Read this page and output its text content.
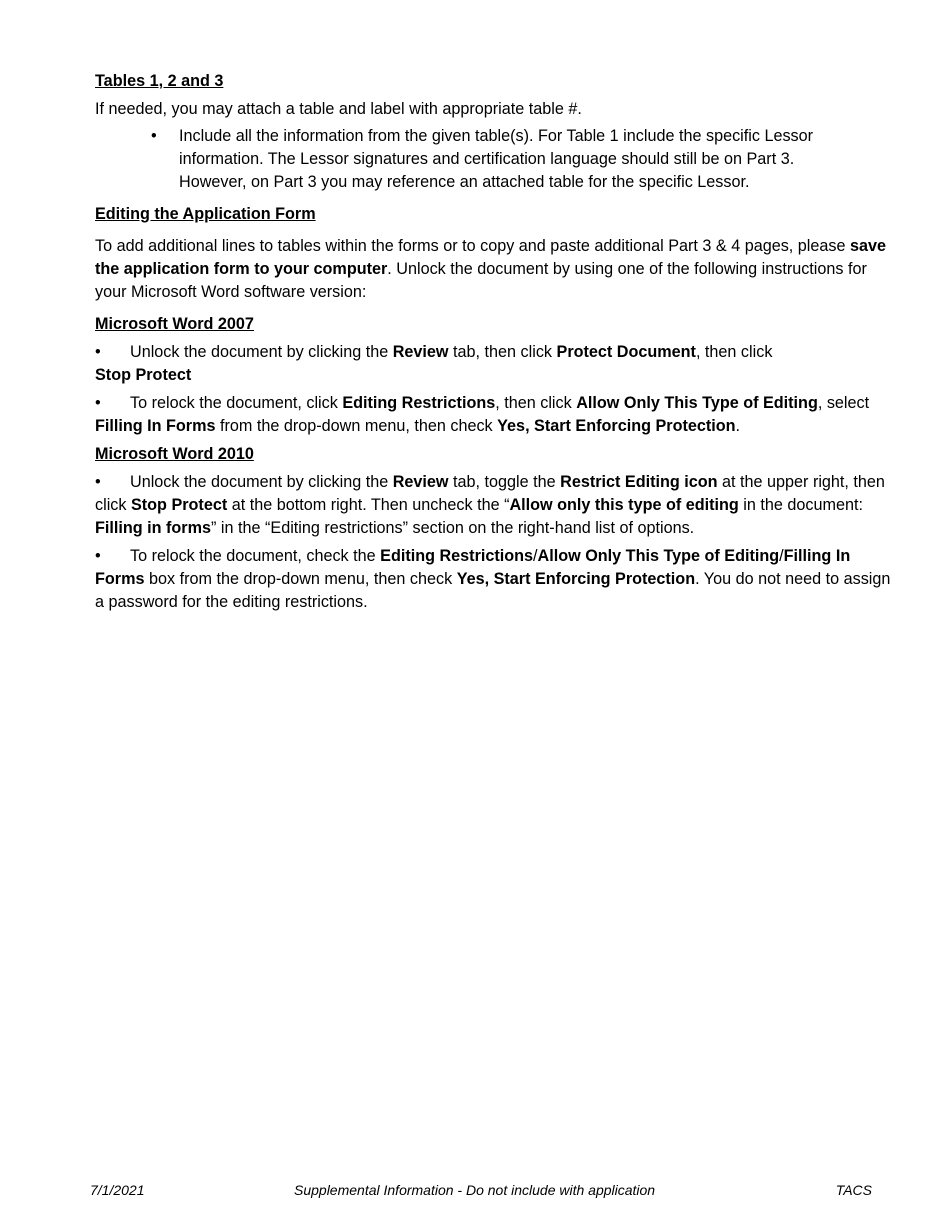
Tables 1, 2 and 3

If needed, you may attach a table and label with appropriate table #.

• Include all the information from the given table(s). For Table 1 include the specific Lessor
information. The Lessor signatures and certification language should still be on Part 3.
However, on Part 3 you may reference an attached table for the specific Lessor.

Editing the Application Form

To add additional lines to tables within the forms or to copy and paste additional Part 3 & 4 pages, please save the application form to your computer. Unlock the document by using one of the following instructions for your Microsoft Word software version:

Microsoft Word 2007

• Unlock the document by clicking the Review tab, then click Protect Document, then click
Stop Protect

• To relock the document, click Editing Restrictions, then click Allow Only This Type of Editing, select Filling In Forms from the drop-down menu, then check Yes, Start Enforcing Protection.

Microsoft Word 2010

• Unlock the document by clicking the Review tab, toggle the Restrict Editing icon at the upper right, then click Stop Protect at the bottom right. Then uncheck the “Allow only this type of editing in the document: Filling in forms” in the “Editing restrictions” section on the right-hand list of options.

• To relock the document, check the Editing Restrictions/Allow Only This Type of Editing/Filling In Forms box from the drop-down menu, then check Yes, Start Enforcing Protection. You do not need to assign a password for the editing restrictions.

7/1/2021	Supplemental Information - Do not include with application	TACS
